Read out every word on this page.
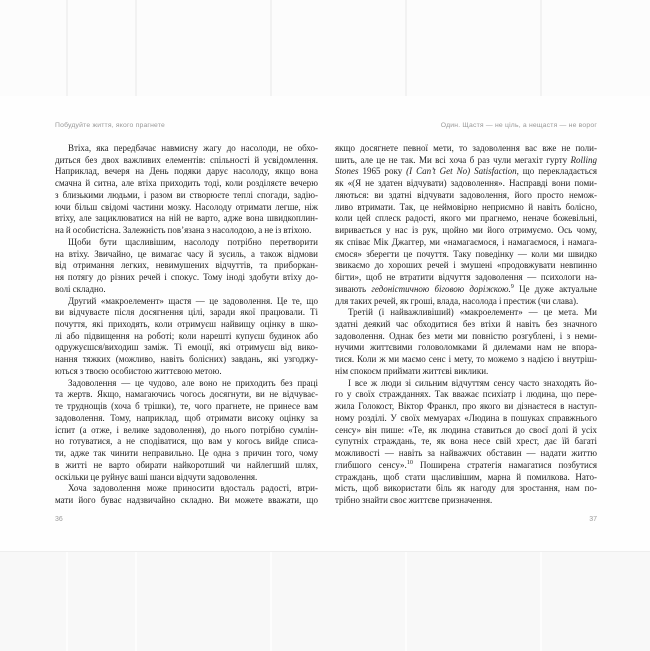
Побудуйте життя, якого прагнете
Втіха, яка передбачає навмисну жагу до насолоди, не обхо-
диться без двох важливих елементів: спільності й усвідомлення.
Наприклад, вечеря на День подяки дарує насолоду, якщо вона
смачна й ситна, але втіха приходить тоді, коли розділяєте вечерю
з близькими людьми, і разом ви створюєте теплі спогади, задію-
ючи більш свідомі частини мозку. Насолоду отримати легше, ніж
втіху, але зациклюватися на ній не варто, адже вона швидкоплин-
на й особистісна. Залежність пов’язана з насолодою, а не із втіхою.
Щоби бути щасливішим, насолоду потрібно перетворити
на втіху. Звичайно, це вимагає часу й зусиль, а також відмови
від отримання легких, невимушених відчуттів, та приборкан-
ня потягу до різних речей і спокус. Тому іноді здобути втіху до-
волі складно.
Другий «макроелемент» щастя — це задоволення. Це те, що
ви відчуваєте після досягнення цілі, заради якої працювали. Ті
почуття, які приходять, коли отримуєш найвищу оцінку в шко-
лі або підвищення на роботі; коли нарешті купуєш будинок або
одружуєшся/виходиш заміж. Ті емоції, які отримуєш від вико-
нання тяжких (можливо, навіть болісних) завдань, які узгоджу-
ються з твоєю особистою життєвою метою.
Задоволення — це чудово, але воно не приходить без праці
та жертв. Якщо, намагаючись чогось досягнути, ви не відчуває-
те труднощів (хоча б трішки), те, чого прагнете, не принесе вам
задоволення. Тому, наприклад, щоб отримати високу оцінку за
іспит (а отже, і велике задоволення), до нього потрібно сумлін-
но готуватися, а не сподіватися, що вам у когось вийде списа-
ти, адже так чинити неправильно. Це одна з причин того, чому
в житті не варто обирати найкоротший чи найлегший шлях,
оскільки це руйнує ваші шанси відчути задоволення.
Хоча задоволення може приносити вдосталь радості, втри-
мати його буває надзвичайно складно. Ви можете вважати, що
36
Один. Щастя — не ціль, а нещастя — не ворог
якщо досягнете певної мети, то задоволення вас вже не поли-
шить, але це не так. Ми всі хоча б раз чули мегахіт гурту Rolling
Stones 1965 року (I Can’t Get No) Satisfaction, що перекладається
як «(Я не здатен відчувати) задоволення». Насправді вони поми-
ляються: ви здатні відчувати задоволення, його просто немож-
ливо втримати. Так, це неймовірно неприємно й навіть болісно,
коли цей сплеск радості, якого ми прагнемо, неначе божевільні,
виривається у нас із рук, щойно ми його отримуємо. Ось чому,
як співає Мік Джаггер, ми «намагаємося, і намагаємося, і намага-
ємося» зберегти це почуття. Таку поведінку — коли ми швидко
звикаємо до хороших речей і змушені «продовжувати невпинно
бігти», щоб не втратити відчуття задоволення — психологи на-
зивають гедоністичною біговою доріжкою.$^9$ Це дуже актуальне
для таких речей, як гроші, влада, насолода і престиж (чи слава).
Третій (і найважливіший) «макроелемент» — це мета. Ми
здатні деякий час обходитися без втіхи й навіть без значного
задоволення. Однак без мети ми повністю розгублені, і з неми-
нучими життєвими головоломками й дилемами нам не впора-
тися. Коли ж ми маємо сенс і мету, то можемо з надією і внутріш-
нім спокоєм приймати життєві виклики.
І все ж люди зі сильним відчуттям сенсу часто знаходять йо-
го у своїх стражданнях. Так вважає психіатр і людина, що пере-
жила Голокост, Віктор Франкл, про якого ви дізнаєтеся в наступ-
ному розділі. У своїх мемуарах «Людина в пошуках справжнього
сенсу» він пише: «Те, як людина ставиться до своєї долі й усіх
супутніх страждань, те, як вона несе свій хрест, дає їй багаті
можливості — навіть за найважчих обставин — надати життю
глибшого сенсу».$^{10}$ Поширена стратегія намагатися позбутися
страждань, щоб стати щасливішим, марна й помилкова. Нато-
мість, щоб використати біль як нагоду для зростання, нам по-
трібно знайти своє життєве призначення.
37
